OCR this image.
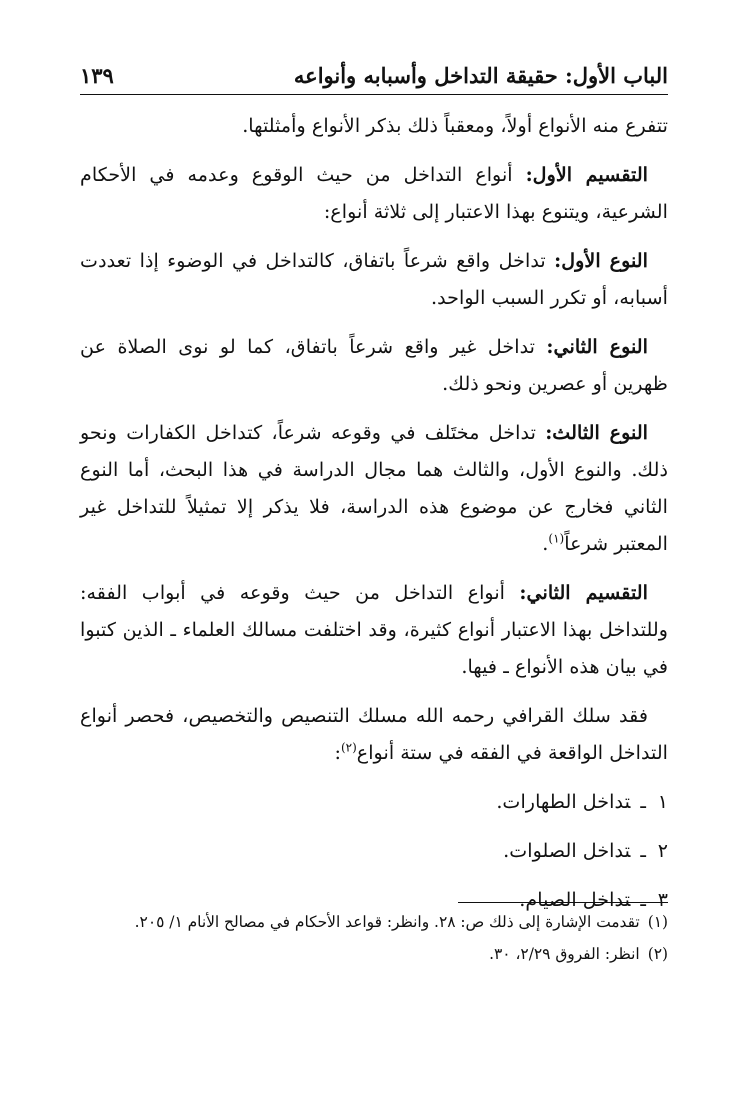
الباب الأول: حقيقة التداخل وأسبابه وأنواعه
١٣٩

تتفرع منه الأنواع أولاً، ومعقباً ذلك بذكر الأنواع وأمثلتها.

التقسيم الأول: أنواع التداخل من حيث الوقوع وعدمه في الأحكام الشرعية، ويتنوع بهذا الاعتبار إلى ثلاثة أنواع:

النوع الأول: تداخل واقع شرعاً باتفاق، كالتداخل في الوضوء إذا تعددت أسبابه، أو تكرر السبب الواحد.

النوع الثاني: تداخل غير واقع شرعاً باتفاق، كما لو نوى الصلاة عن ظهرين أو عصرين ونحو ذلك.

النوع الثالث: تداخل مختَلف في وقوعه شرعاً، كتداخل الكفارات ونحو ذلك. والنوع الأول، والثالث هما مجال الدراسة في هذا البحث، أما النوع الثاني فخارج عن موضوع هذه الدراسة، فلا يذكر إلا تمثيلاً للتداخل غير المعتبر شرعاً$^{(١)}$.

التقسيم الثاني: أنواع التداخل من حيث وقوعه في أبواب الفقه: وللتداخل بهذا الاعتبار أنواع كثيرة، وقد اختلفت مسالك العلماء ـ الذين كتبوا في بيان هذه الأنواع ـ فيها.

فقد سلك القرافي رحمه الله مسلك التنصيص والتخصيص، فحصر أنواع التداخل الواقعة في الفقه في ستة أنواع$^{(٢)}$:

١ـتداخل الطهارات.
٢ـتداخل الصلوات.
٣ـتداخل الصيام.

(١)تقدمت الإشارة إلى ذلك ص: ٢٨. وانظر: قواعد الأحكام في مصالح الأنام ١/ ٢٠٥.

(٢)انظر: الفروق ٢/٢٩، ٣٠.
